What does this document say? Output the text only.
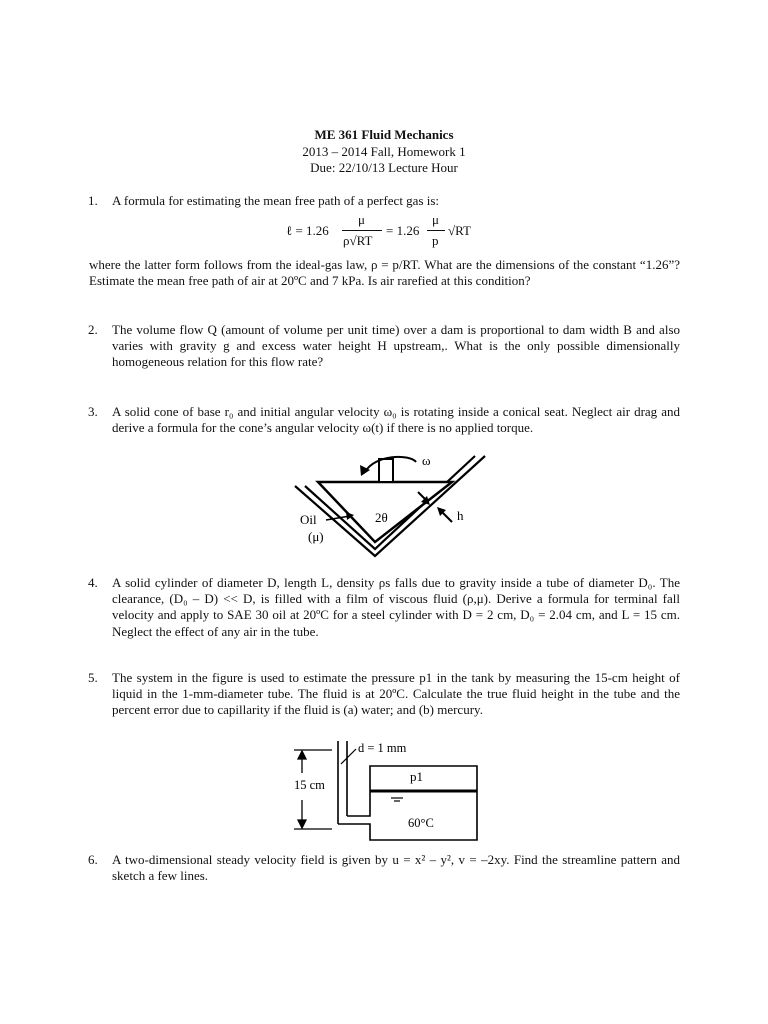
ME 361 Fluid Mechanics
2013 – 2014 Fall, Homework 1
Due: 22/10/13 Lecture Hour
1. A formula for estimating the mean free path of a perfect gas is:
ℓ = 1.26
μ
ρ√RT
= 1.26
μ
p
√RT
where the latter form follows from the ideal-gas law, ρ = p/RT. What are the dimensions of the constant “1.26”? Estimate the mean free path of air at 20ºC and 7 kPa. Is air rarefied at this condition?
2. The volume flow Q (amount of volume per unit time) over a dam is proportional to dam width B and also varies with gravity g and excess water height H upstream,. What is the only possible dimensionally homogeneous relation for this flow rate?
3. A solid cone of base r₀ and initial angular velocity ω₀ is rotating inside a conical seat. Neglect air drag and derive a formula for the cone’s angular velocity ω(t) if there is no applied torque.
ω
2θ	h
Oil
(μ)
4. A solid cylinder of diameter D, length L, density ρs falls due to gravity inside a tube of diameter D₀. The clearance, (D₀ – D) << D, is filled with a film of viscous fluid (ρ,μ). Derive a formula for terminal fall velocity and apply to SAE 30 oil at 20ºC for a steel cylinder with D = 2 cm, D₀ = 2.04 cm, and L = 15 cm. Neglect the effect of any air in the tube.
5. The system in the figure is used to estimate the pressure p1 in the tank by measuring the 15-cm height of liquid in the 1-mm-diameter tube. The fluid is at 20ºC. Calculate the true fluid height in the tube and the percent error due to capillarity if the fluid is (a) water; and (b) mercury.
15 cm
d = 1 mm
p1
60°C
6. A two-dimensional steady velocity field is given by u = x² – y², v = –2xy. Find the streamline pattern and sketch a few lines.
